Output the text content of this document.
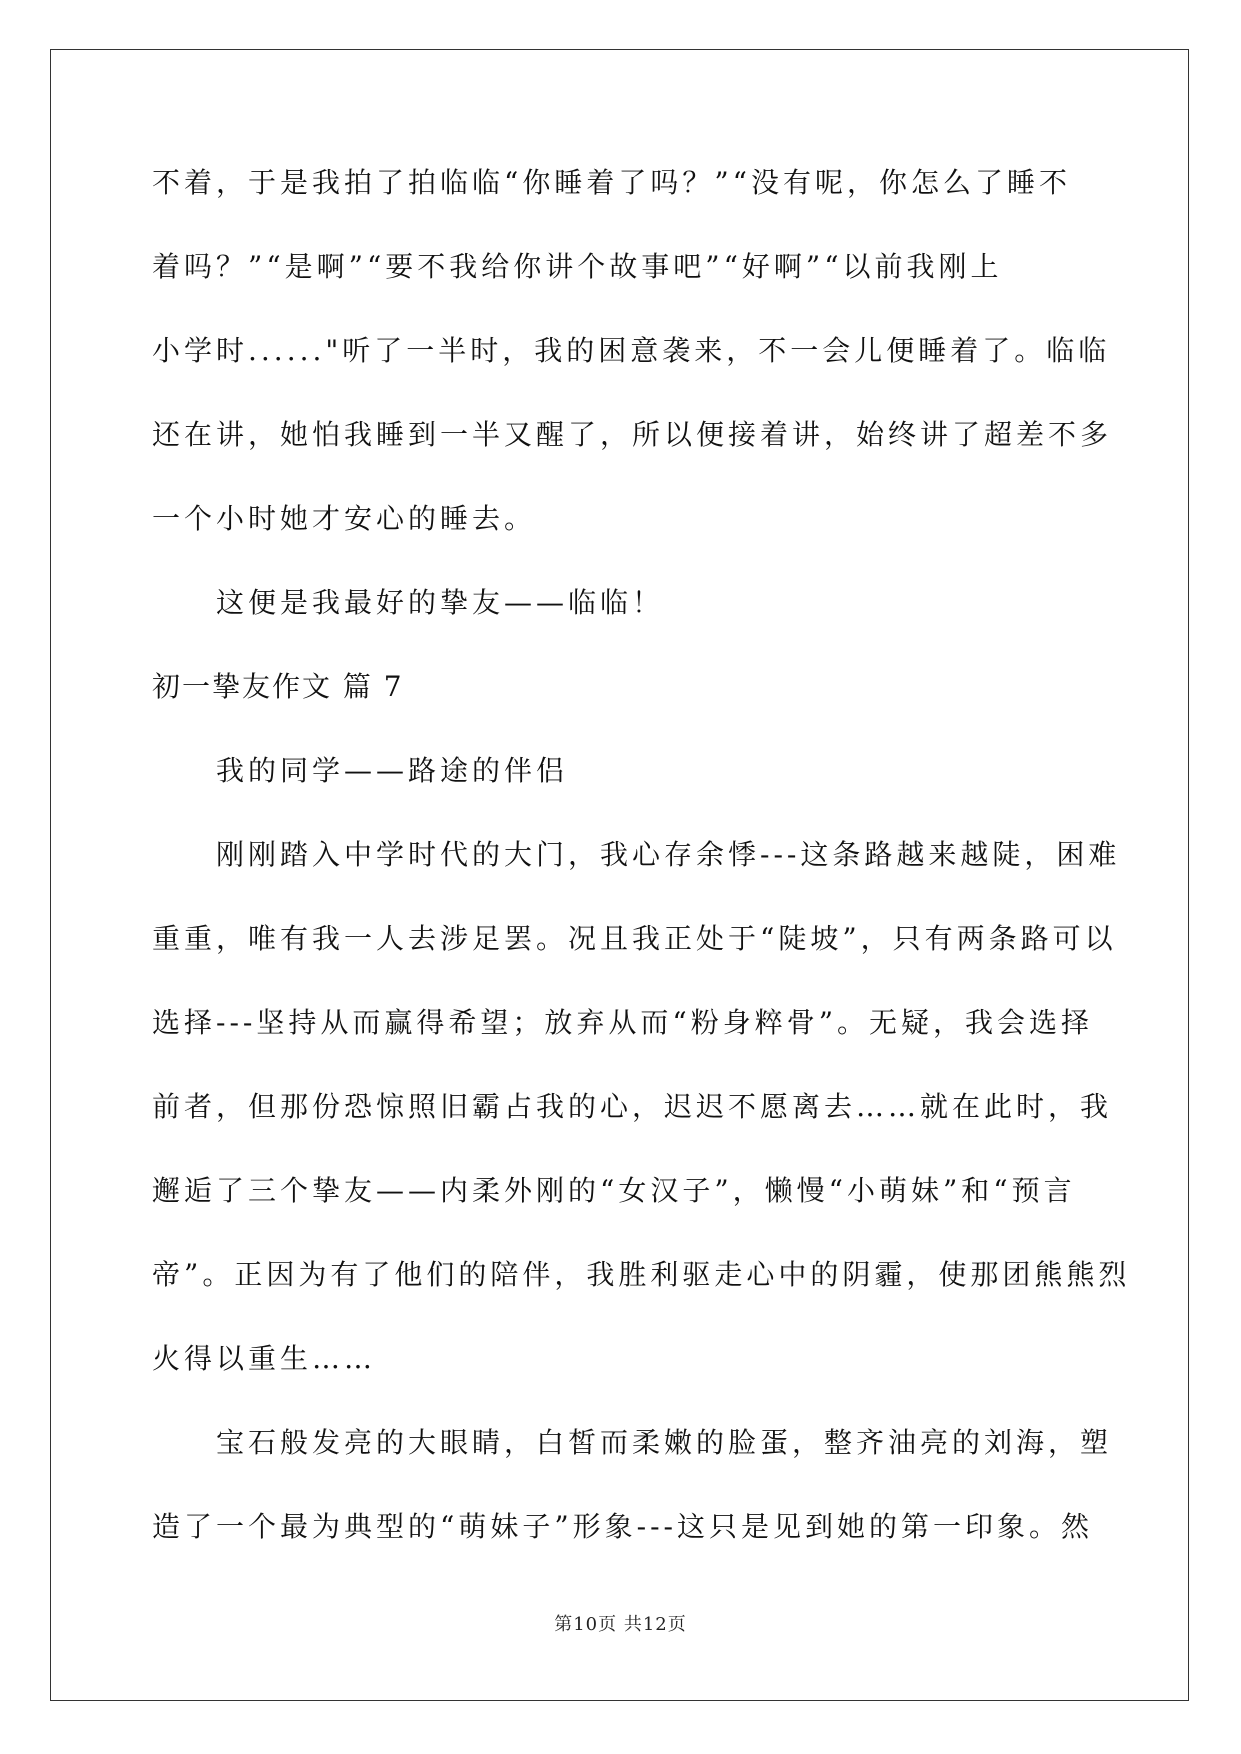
不着，于是我拍了拍临临“你睡着了吗？”“没有呢，你怎么了睡不
着吗？”“是啊”“要不我给你讲个故事吧”“好啊”“以前我刚上
小学时......"听了一半时，我的困意袭来，不一会儿便睡着了。临临
还在讲，她怕我睡到一半又醒了，所以便接着讲，始终讲了超差不多
一个小时她才安心的睡去。
这便是我最好的挚友——临临！
初一挚友作文 篇 7
我的同学——路途的伴侣
刚刚踏入中学时代的大门，我心存余悸---这条路越来越陡，困难
重重，唯有我一人去涉足罢。况且我正处于“陡坡”，只有两条路可以
选择---坚持从而赢得希望；放弃从而“粉身粹骨”。无疑，我会选择
前者，但那份恐惊照旧霸占我的心，迟迟不愿离去……就在此时，我
邂逅了三个挚友——内柔外刚的“女汉子”，懒慢“小萌妹”和“预言
帝”。正因为有了他们的陪伴，我胜利驱走心中的阴霾，使那团熊熊烈
火得以重生……
宝石般发亮的大眼睛，白皙而柔嫩的脸蛋，整齐油亮的刘海，塑
造了一个最为典型的“萌妹子”形象---这只是见到她的第一印象。然
第10页 共12页
